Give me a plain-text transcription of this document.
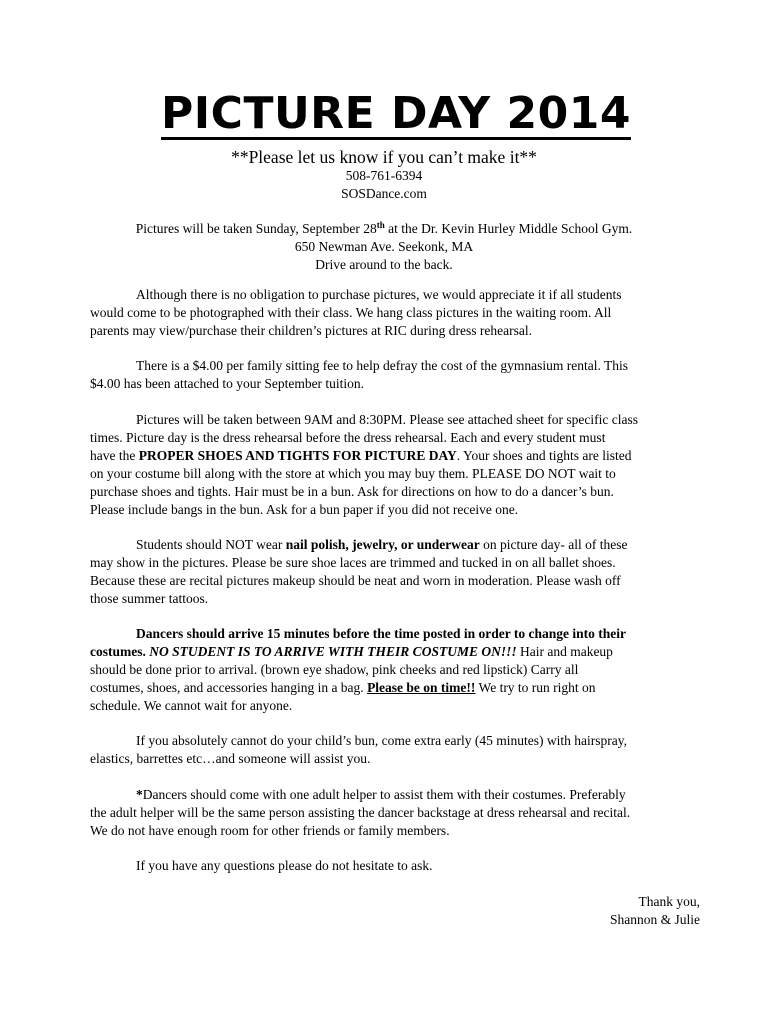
PICTURE DAY 2014
**Please let us know if you can’t make it**
508-761-6394
SOSDance.com
Pictures will be taken Sunday, September 28th at the Dr. Kevin Hurley Middle School Gym.
650 Newman Ave. Seekonk, MA
Drive around to the back.
Although there is no obligation to purchase pictures, we would appreciate it if all students
would come to be photographed with their class. We hang class pictures in the waiting room. All
parents may view/purchase their children’s pictures at RIC during dress rehearsal.
There is a $4.00 per family sitting fee to help defray the cost of the gymnasium rental. This
$4.00 has been attached to your September tuition.
Pictures will be taken between 9AM and 8:30PM. Please see attached sheet for specific class
times. Picture day is the dress rehearsal before the dress rehearsal. Each and every student must
have the PROPER SHOES AND TIGHTS FOR PICTURE DAY. Your shoes and tights are listed
on your costume bill along with the store at which you may buy them. PLEASE DO NOT wait to
purchase shoes and tights. Hair must be in a bun. Ask for directions on how to do a dancer’s bun.
Please include bangs in the bun. Ask for a bun paper if you did not receive one.
Students should NOT wear nail polish, jewelry, or underwear on picture day- all of these
may show in the pictures. Please be sure shoe laces are trimmed and tucked in on all ballet shoes.
Because these are recital pictures makeup should be neat and worn in moderation. Please wash off
those summer tattoos.
Dancers should arrive 15 minutes before the time posted in order to change into their
costumes. NO STUDENT IS TO ARRIVE WITH THEIR COSTUME ON!!! Hair and makeup
should be done prior to arrival. (brown eye shadow, pink cheeks and red lipstick) Carry all
costumes, shoes, and accessories hanging in a bag. Please be on time!! We try to run right on
schedule. We cannot wait for anyone.
If you absolutely cannot do your child’s bun, come extra early (45 minutes) with hairspray,
elastics, barrettes etc…and someone will assist you.
*Dancers should come with one adult helper to assist them with their costumes. Preferably
the adult helper will be the same person assisting the dancer backstage at dress rehearsal and recital.
We do not have enough room for other friends or family members.
If you have any questions please do not hesitate to ask.
Thank you,
Shannon & Julie
